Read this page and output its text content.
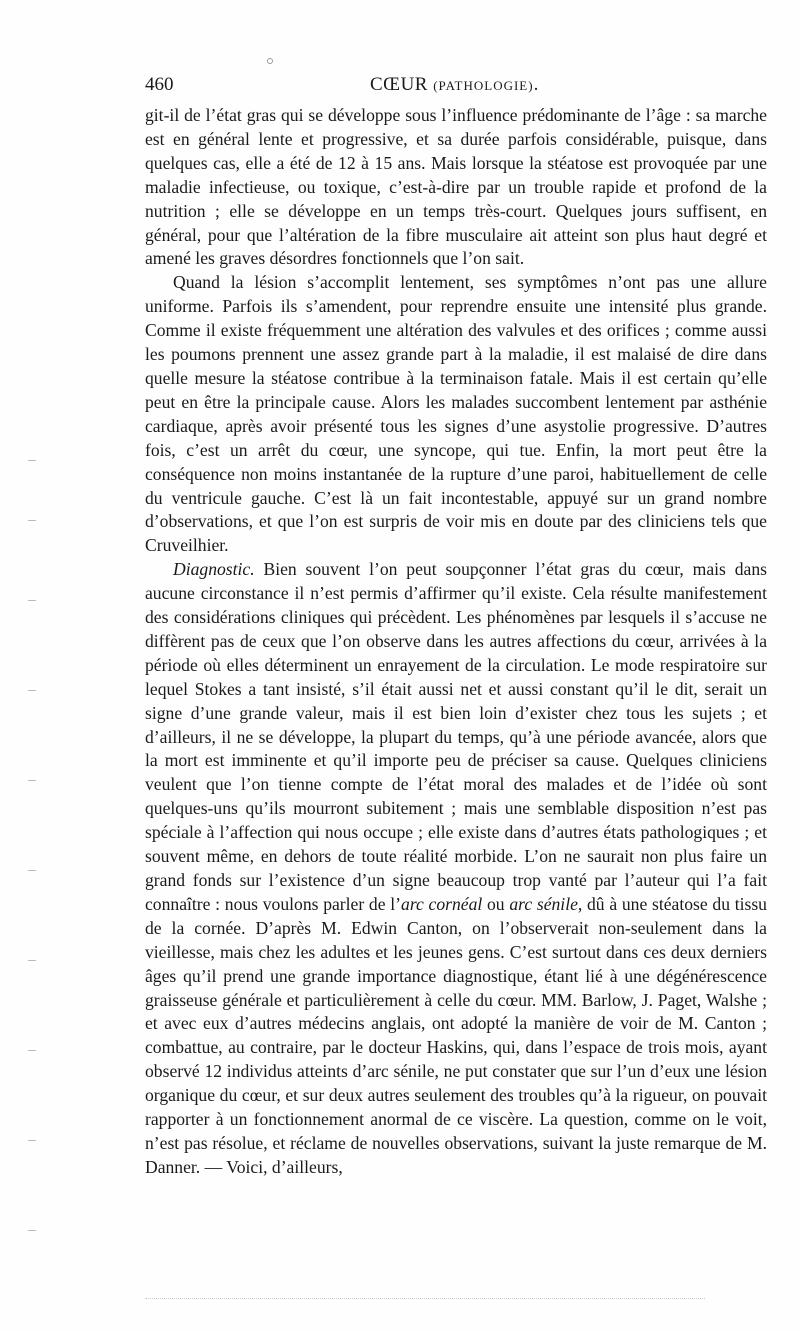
460	CŒUR (PATHOLOGIE).

git-il de l’état gras qui se développe sous l’influence prédominante de l’âge : sa marche est en général lente et progressive, et sa durée parfois considérable, puisque, dans quelques cas, elle a été de 12 à 15 ans. Mais lorsque la stéatose est provoquée par une maladie infectieuse, ou toxique, c’est-à-dire par un trouble rapide et profond de la nutrition ; elle se développe en un temps très-court. Quelques jours suffisent, en général, pour que l’altération de la fibre musculaire ait atteint son plus haut degré et amené les graves désordres fonctionnels que l’on sait.

Quand la lésion s’accomplit lentement, ses symptômes n’ont pas une allure uniforme. Parfois ils s’amendent, pour reprendre ensuite une intensité plus grande. Comme il existe fréquemment une altération des valvules et des orifices ; comme aussi les poumons prennent une assez grande part à la maladie, il est malaisé de dire dans quelle mesure la stéatose contribue à la terminaison fatale. Mais il est certain qu’elle peut en être la principale cause. Alors les malades succombent lentement par asthénie cardiaque, après avoir présenté tous les signes d’une asystolie progressive. D’autres fois, c’est un arrêt du cœur, une syncope, qui tue. Enfin, la mort peut être la conséquence non moins instantanée de la rupture d’une paroi, habituellement de celle du ventricule gauche. C’est là un fait incontestable, appuyé sur un grand nombre d’observations, et que l’on est surpris de voir mis en doute par des cliniciens tels que Cruveilhier.

Diagnostic. Bien souvent l’on peut soupçonner l’état gras du cœur, mais dans aucune circonstance il n’est permis d’affirmer qu’il existe. Cela résulte manifestement des considérations cliniques qui précèdent. Les phénomènes par lesquels il s’accuse ne diffèrent pas de ceux que l’on observe dans les autres affections du cœur, arrivées à la période où elles déterminent un enrayement de la circulation. Le mode respiratoire sur lequel Stokes a tant insisté, s’il était aussi net et aussi constant qu’il le dit, serait un signe d’une grande valeur, mais il est bien loin d’exister chez tous les sujets ; et d’ailleurs, il ne se développe, la plupart du temps, qu’à une période avancée, alors que la mort est imminente et qu’il importe peu de préciser sa cause. Quelques cliniciens veulent que l’on tienne compte de l’état moral des malades et de l’idée où sont quelques-uns qu’ils mourront subitement ; mais une semblable disposition n’est pas spéciale à l’affection qui nous occupe ; elle existe dans d’autres états pathologiques ; et souvent même, en dehors de toute réalité morbide. L’on ne saurait non plus faire un grand fonds sur l’existence d’un signe beaucoup trop vanté par l’auteur qui l’a fait connaître : nous voulons parler de l’arc cornéal ou arc sénile, dû à une stéatose du tissu de la cornée. D’après M. Edwin Canton, on l’observerait non-seulement dans la vieillesse, mais chez les adultes et les jeunes gens. C’est surtout dans ces deux derniers âges qu’il prend une grande importance diagnostique, étant lié à une dégénérescence graisseuse générale et particulièrement à celle du cœur. MM. Barlow, J. Paget, Walshe ; et avec eux d’autres médecins anglais, ont adopté la manière de voir de M. Canton ; combattue, au contraire, par le docteur Haskins, qui, dans l’espace de trois mois, ayant observé 12 individus atteints d’arc sénile, ne put constater que sur l’un d’eux une lésion organique du cœur, et sur deux autres seulement des troubles qu’à la rigueur, on pouvait rapporter à un fonctionnement anormal de ce viscère. La question, comme on le voit, n’est pas résolue, et réclame de nouvelles observations, suivant la juste remarque de M. Danner. — Voici, d’ailleurs,
